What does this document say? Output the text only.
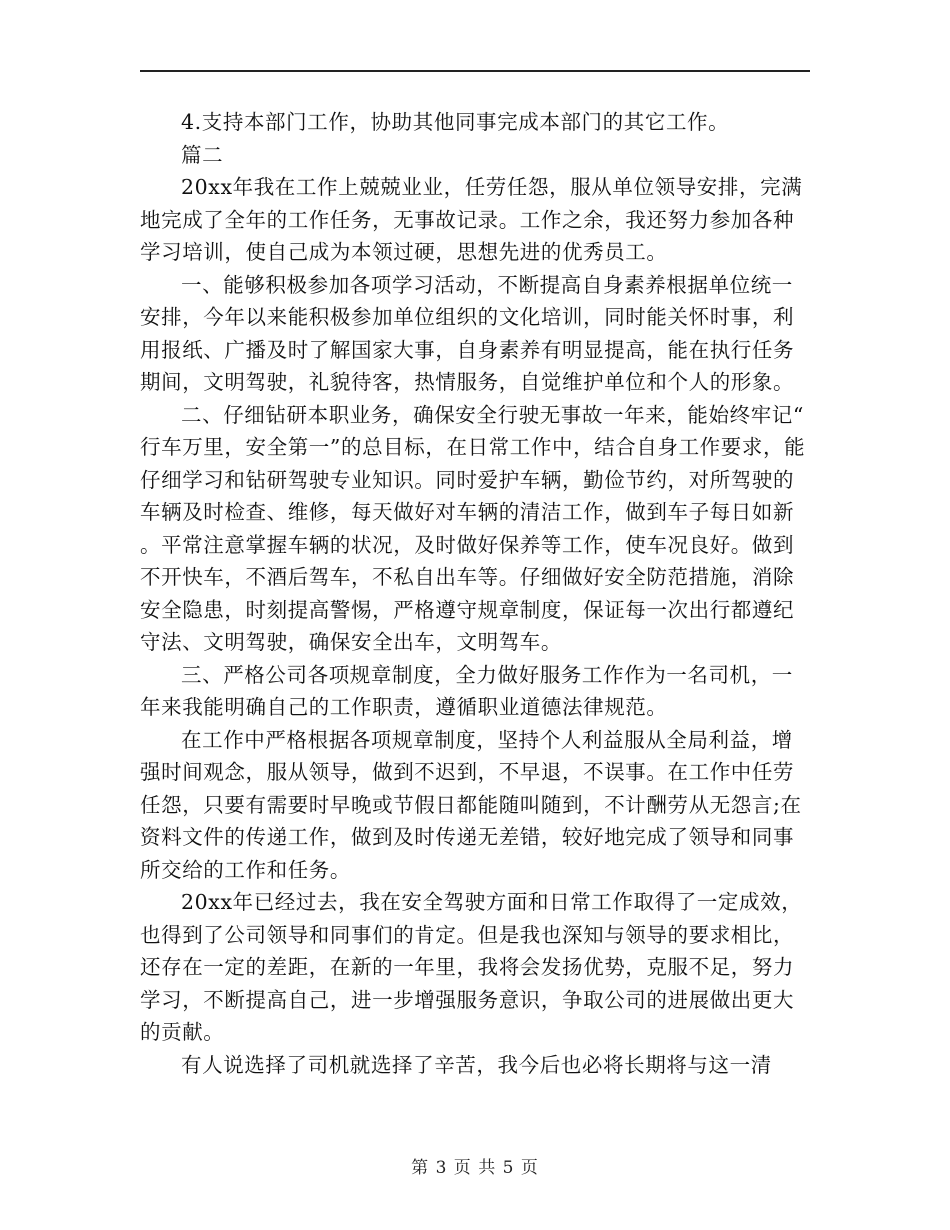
4.支持本部门工作，协助其他同事完成本部门的其它工作。

篇二

20xx年我在工作上兢兢业业，任劳任怨，服从单位领导安排，完满地完成了全年的工作任务，无事故记录。工作之余，我还努力参加各种学习培训，使自己成为本领过硬，思想先进的优秀员工。

一、能够积极参加各项学习活动，不断提高自身素养根据单位统一安排，今年以来能积极参加单位组织的文化培训，同时能关怀时事，利用报纸、广播及时了解国家大事，自身素养有明显提高，能在执行任务期间，文明驾驶，礼貌待客，热情服务，自觉维护单位和个人的形象。

二、仔细钻研本职业务，确保安全行驶无事故一年来，能始终牢记“行车万里，安全第一”的总目标，在日常工作中，结合自身工作要求，能仔细学习和钻研驾驶专业知识。同时爱护车辆，勤俭节约，对所驾驶的车辆及时检查、维修，每天做好对车辆的清洁工作，做到车子每日如新。平常注意掌握车辆的状况，及时做好保养等工作，使车况良好。做到不开快车，不酒后驾车，不私自出车等。仔细做好安全防范措施，消除安全隐患，时刻提高警惕，严格遵守规章制度，保证每一次出行都遵纪守法、文明驾驶，确保安全出车，文明驾车。

三、严格公司各项规章制度，全力做好服务工作作为一名司机，一年来我能明确自己的工作职责，遵循职业道德法律规范。

在工作中严格根据各项规章制度，坚持个人利益服从全局利益，增强时间观念，服从领导，做到不迟到，不早退，不误事。在工作中任劳任怨，只要有需要时早晚或节假日都能随叫随到，不计酬劳从无怨言;在资料文件的传递工作，做到及时传递无差错，较好地完成了领导和同事所交给的工作和任务。

20xx年已经过去，我在安全驾驶方面和日常工作取得了一定成效，也得到了公司领导和同事们的肯定。但是我也深知与领导的要求相比，还存在一定的差距，在新的一年里，我将会发扬优势，克服不足，努力学习，不断提高自己，进一步增强服务意识，争取公司的进展做出更大的贡献。

有人说选择了司机就选择了辛苦，我今后也必将长期将与这一清

第 3 页 共 5 页
